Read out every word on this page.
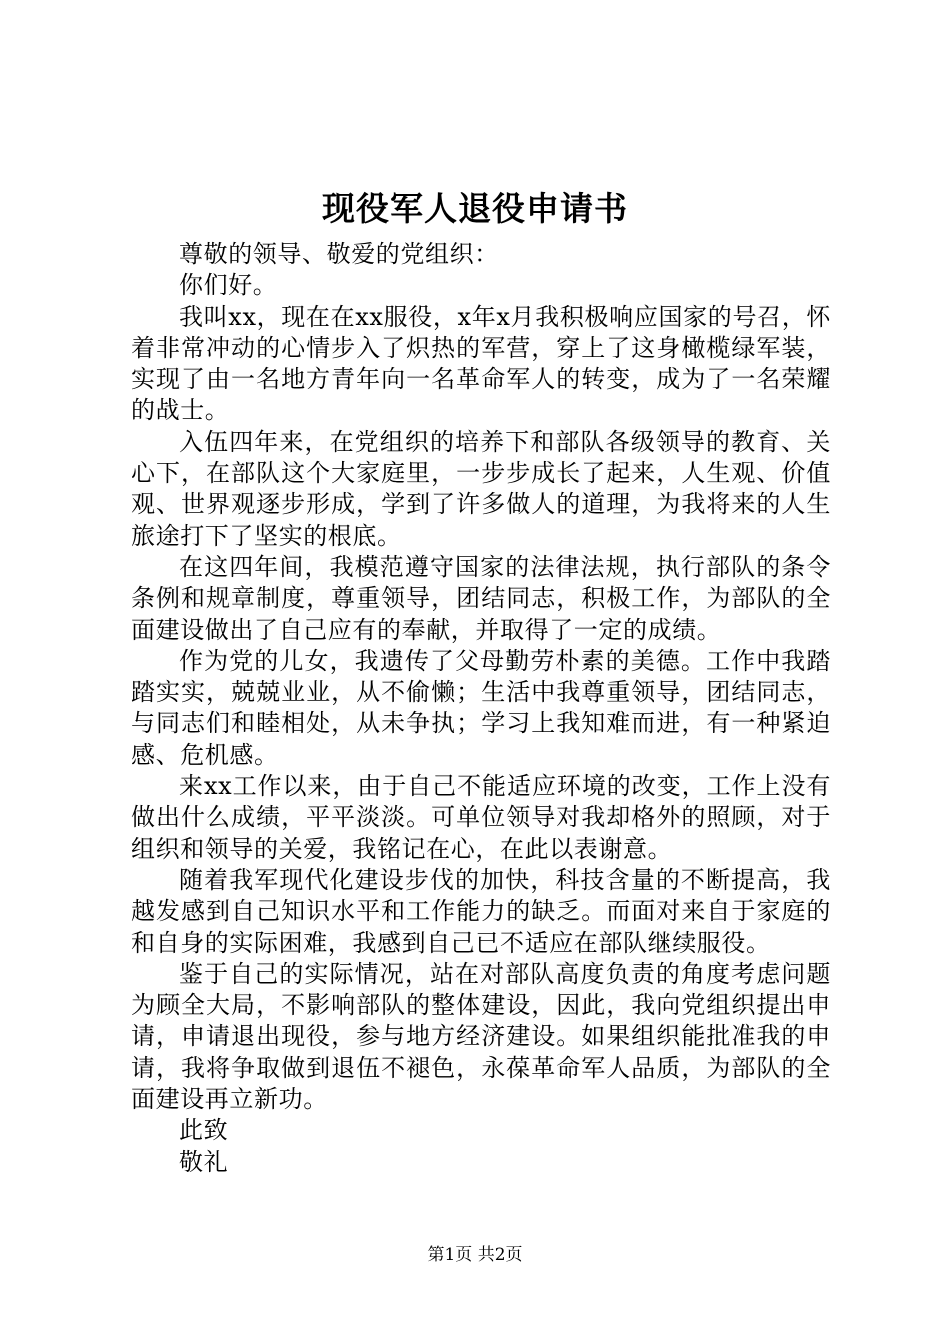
现役军人退役申请书

尊敬的领导、敬爱的党组织：

你们好。

我叫xx，现在在xx服役，x年x月我积极响应国家的号召，怀着非常冲动的心情步入了炽热的军营，穿上了这身橄榄绿军装，实现了由一名地方青年向一名革命军人的转变，成为了一名荣耀的战士。

入伍四年来，在党组织的培养下和部队各级领导的教育、关心下，在部队这个大家庭里，一步步成长了起来，人生观、价值观、世界观逐步形成，学到了许多做人的道理，为我将来的人生旅途打下了坚实的根底。

在这四年间，我模范遵守国家的法律法规，执行部队的条令条例和规章制度，尊重领导，团结同志，积极工作，为部队的全面建设做出了自己应有的奉献，并取得了一定的成绩。

作为党的儿女，我遗传了父母勤劳朴素的美德。工作中我踏踏实实，兢兢业业，从不偷懒；生活中我尊重领导，团结同志，与同志们和睦相处，从未争执；学习上我知难而进，有一种紧迫感、危机感。

来xx工作以来，由于自己不能适应环境的改变，工作上没有做出什么成绩，平平淡淡。可单位领导对我却格外的照顾，对于组织和领导的关爱，我铭记在心，在此以表谢意。

随着我军现代化建设步伐的加快，科技含量的不断提高，我越发感到自己知识水平和工作能力的缺乏。而面对来自于家庭的和自身的实际困难，我感到自己已不适应在部队继续服役。

鉴于自己的实际情况，站在对部队高度负责的角度考虑问题为顾全大局，不影响部队的整体建设，因此，我向党组织提出申请，申请退出现役，参与地方经济建设。如果组织能批准我的申请，我将争取做到退伍不褪色，永葆革命军人品质，为部队的全面建设再立新功。

此致

敬礼

第1页 共2页
